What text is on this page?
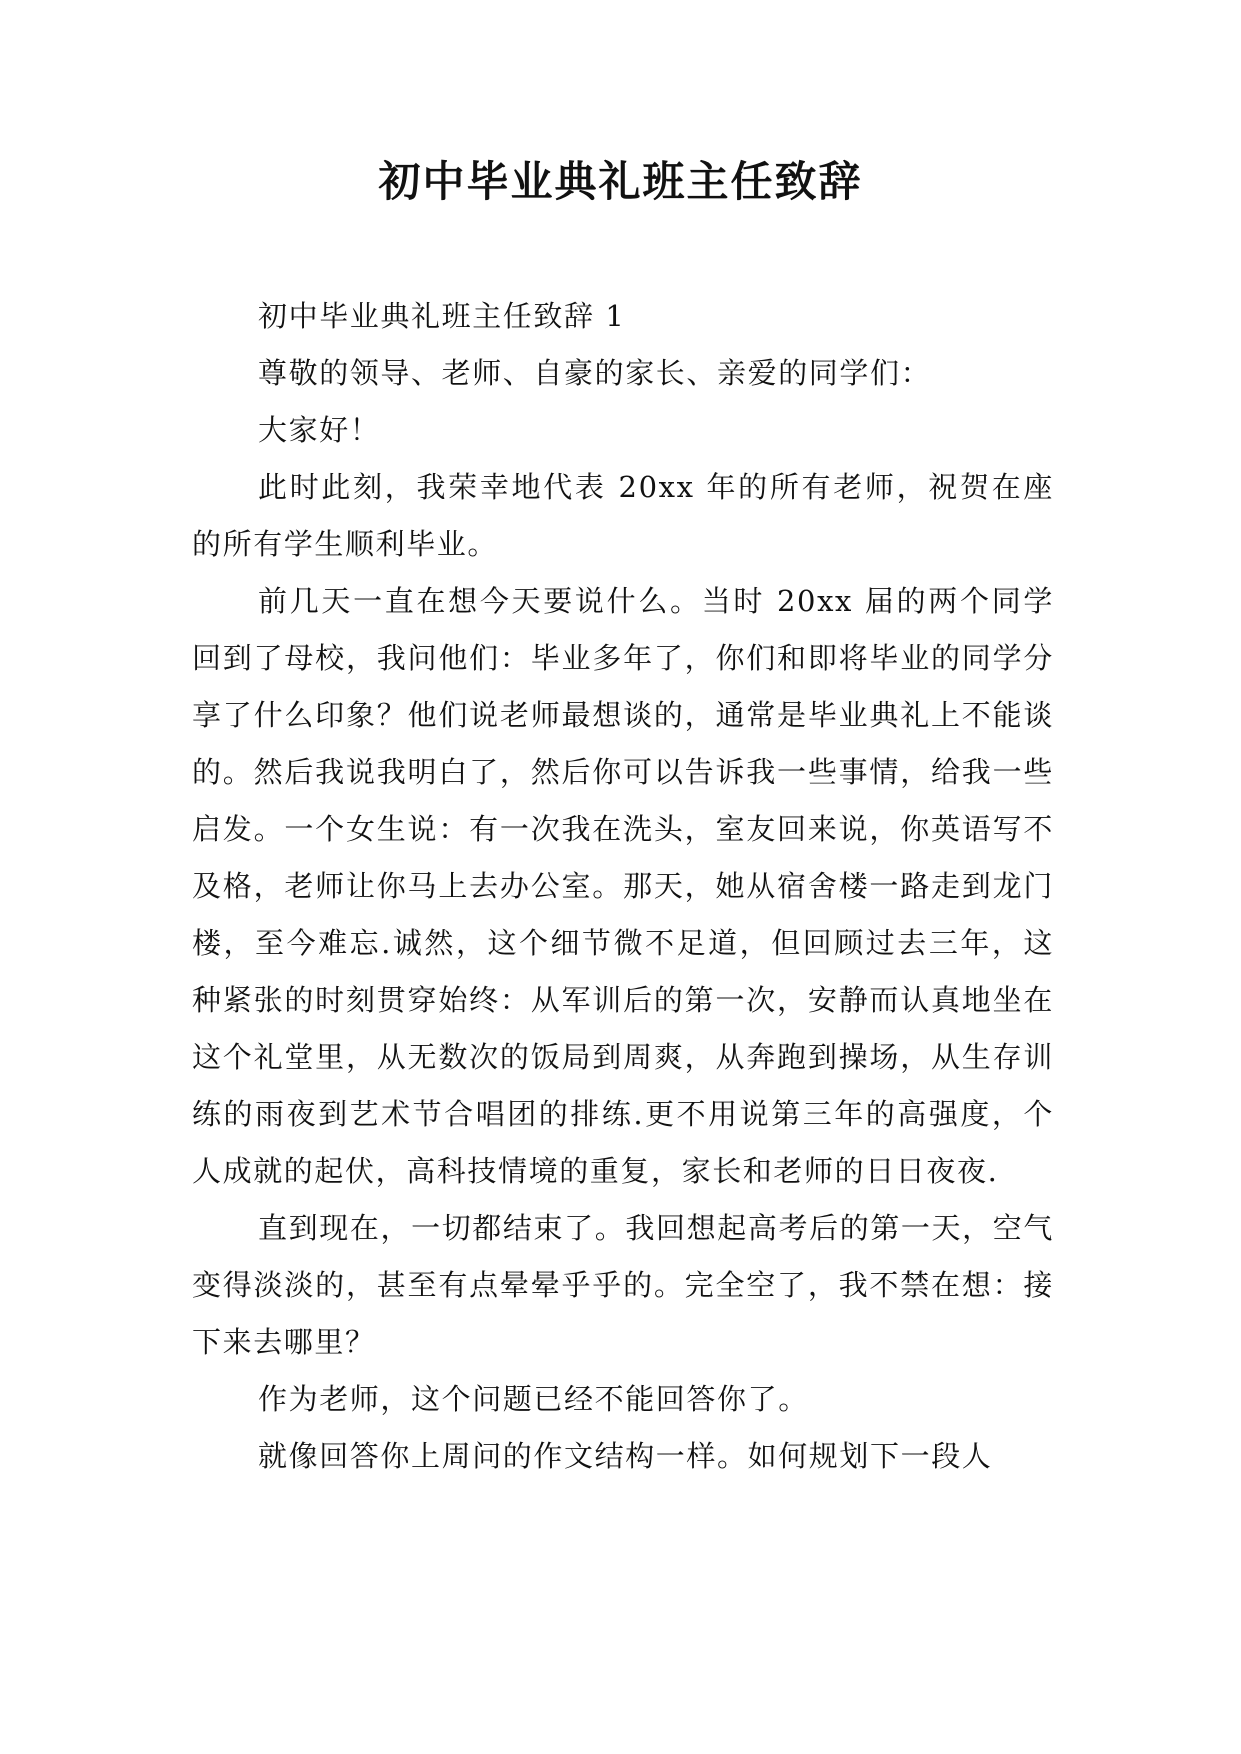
初中毕业典礼班主任致辞

初中毕业典礼班主任致辞 1

尊敬的领导、老师、自豪的家长、亲爱的同学们：

大家好！

此时此刻，我荣幸地代表 20xx 年的所有老师，祝贺在座的所有学生顺利毕业。

前几天一直在想今天要说什么。当时 20xx 届的两个同学回到了母校，我问他们：毕业多年了，你们和即将毕业的同学分享了什么印象？他们说老师最想谈的，通常是毕业典礼上不能谈的。然后我说我明白了，然后你可以告诉我一些事情，给我一些启发。一个女生说：有一次我在洗头，室友回来说，你英语写不及格，老师让你马上去办公室。那天，她从宿舍楼一路走到龙门楼，至今难忘.诚然，这个细节微不足道，但回顾过去三年，这种紧张的时刻贯穿始终：从军训后的第一次，安静而认真地坐在这个礼堂里，从无数次的饭局到周爽，从奔跑到操场，从生存训练的雨夜到艺术节合唱团的排练.更不用说第三年的高强度，个人成就的起伏，高科技情境的重复，家长和老师的日日夜夜.

直到现在，一切都结束了。我回想起高考后的第一天，空气变得淡淡的，甚至有点晕晕乎乎的。完全空了，我不禁在想：接下来去哪里？

作为老师，这个问题已经不能回答你了。

就像回答你上周问的作文结构一样。如何规划下一段人
